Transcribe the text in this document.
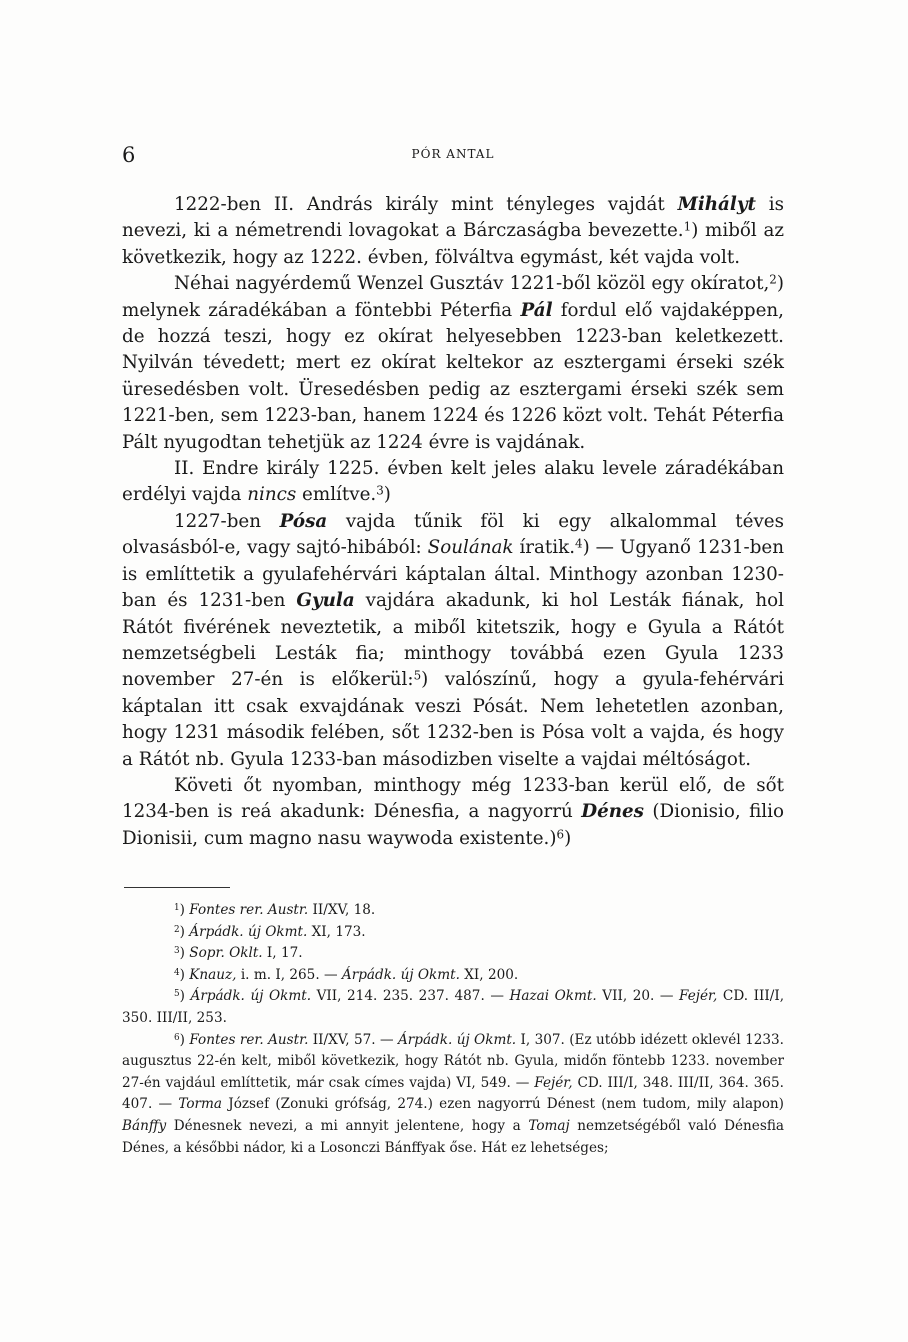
6	PÓR ANTAL

1222-ben II. András király mint tényleges vajdát Mihályt is nevezi, ki a németrendi lovagokat a Bárczaságba bevezette.$^1$) miből az következik, hogy az 1222. évben, fölváltva egymást, két vajda volt.

Néhai nagyérdemű Wenzel Gusztáv 1221-ből közöl egy okíratot,$^2$) melynek záradékában a föntebbi Péterfia Pál fordul elő vajdaképpen, de hozzá teszi, hogy ez okírat helyesebben 1223-ban keletkezett. Nyilván tévedett; mert ez okírat keltekor az esztergami érseki szék üresedésben volt. Üresedésben pedig az esztergami érseki szék sem 1221-ben, sem 1223-ban, hanem 1224 és 1226 közt volt. Tehát Péterfia Pált nyugodtan tehetjük az 1224 évre is vajdának.

II. Endre király 1225. évben kelt jeles alaku levele záradékában erdélyi vajda nincs említve.$^3$)

1227-ben Pósa vajda tűnik föl ki egy alkalommal téves olvasásból-e, vagy sajtó-hibából: Soulának íratik.$^4$) — Ugyanő 1231-ben is említtetik a gyulafehérvári káptalan által. Minthogy azonban 1230-ban és 1231-ben Gyula vajdára akadunk, ki hol Lesták fiának, hol Rátót fivérének neveztetik, a miből kitetszik, hogy e Gyula a Rátót nemzetségbeli Lesták fia; minthogy továbbá ezen Gyula 1233 november 27-én is előkerül:$^5$) valószínű, hogy a gyula-fehérvári káptalan itt csak exvajdának veszi Pósát. Nem lehetetlen azonban, hogy 1231 második felében, sőt 1232-ben is Pósa volt a vajda, és hogy a Rátót nb. Gyula 1233-ban másodizben viselte a vajdai méltóságot.

Követi őt nyomban, minthogy még 1233-ban kerül elő, de sőt 1234-ben is reá akadunk: Dénesfia, a nagyorrú Dénes (Dionisio, filio Dionisii, cum magno nasu waywoda existente.)$^6$)

$^1$) Fontes rer. Austr. II/XV, 18.

$^2$) Árpádk. új Okmt. XI, 173.

$^3$) Sopr. Oklt. I, 17.

$^4$) Knauz, i. m. I, 265. — Árpádk. új Okmt. XI, 200.

$^5$) Árpádk. új Okmt. VII, 214. 235. 237. 487. — Hazai Okmt. VII, 20. — Fejér, CD. III/I, 350. III/II, 253.

$^6$) Fontes rer. Austr. II/XV, 57. — Árpádk. új Okmt. I, 307. (Ez utóbb idézett oklevél 1233. augusztus 22-én kelt, miből következik, hogy Rátót nb. Gyula, midőn föntebb 1233. november 27-én vajdául említtetik, már csak címes vajda) VI, 549. — Fejér, CD. III/I, 348. III/II, 364. 365. 407. — Torma József (Zonuki grófság, 274.) ezen nagyorrú Dénest (nem tudom, mily alapon) Bánffy Dénesnek nevezi, a mi annyit jelentene, hogy a Tomaj nemzetségéből való Dénesfia Dénes, a későbbi nádor, ki a Losonczi Bánffyak őse. Hát ez lehetséges;
